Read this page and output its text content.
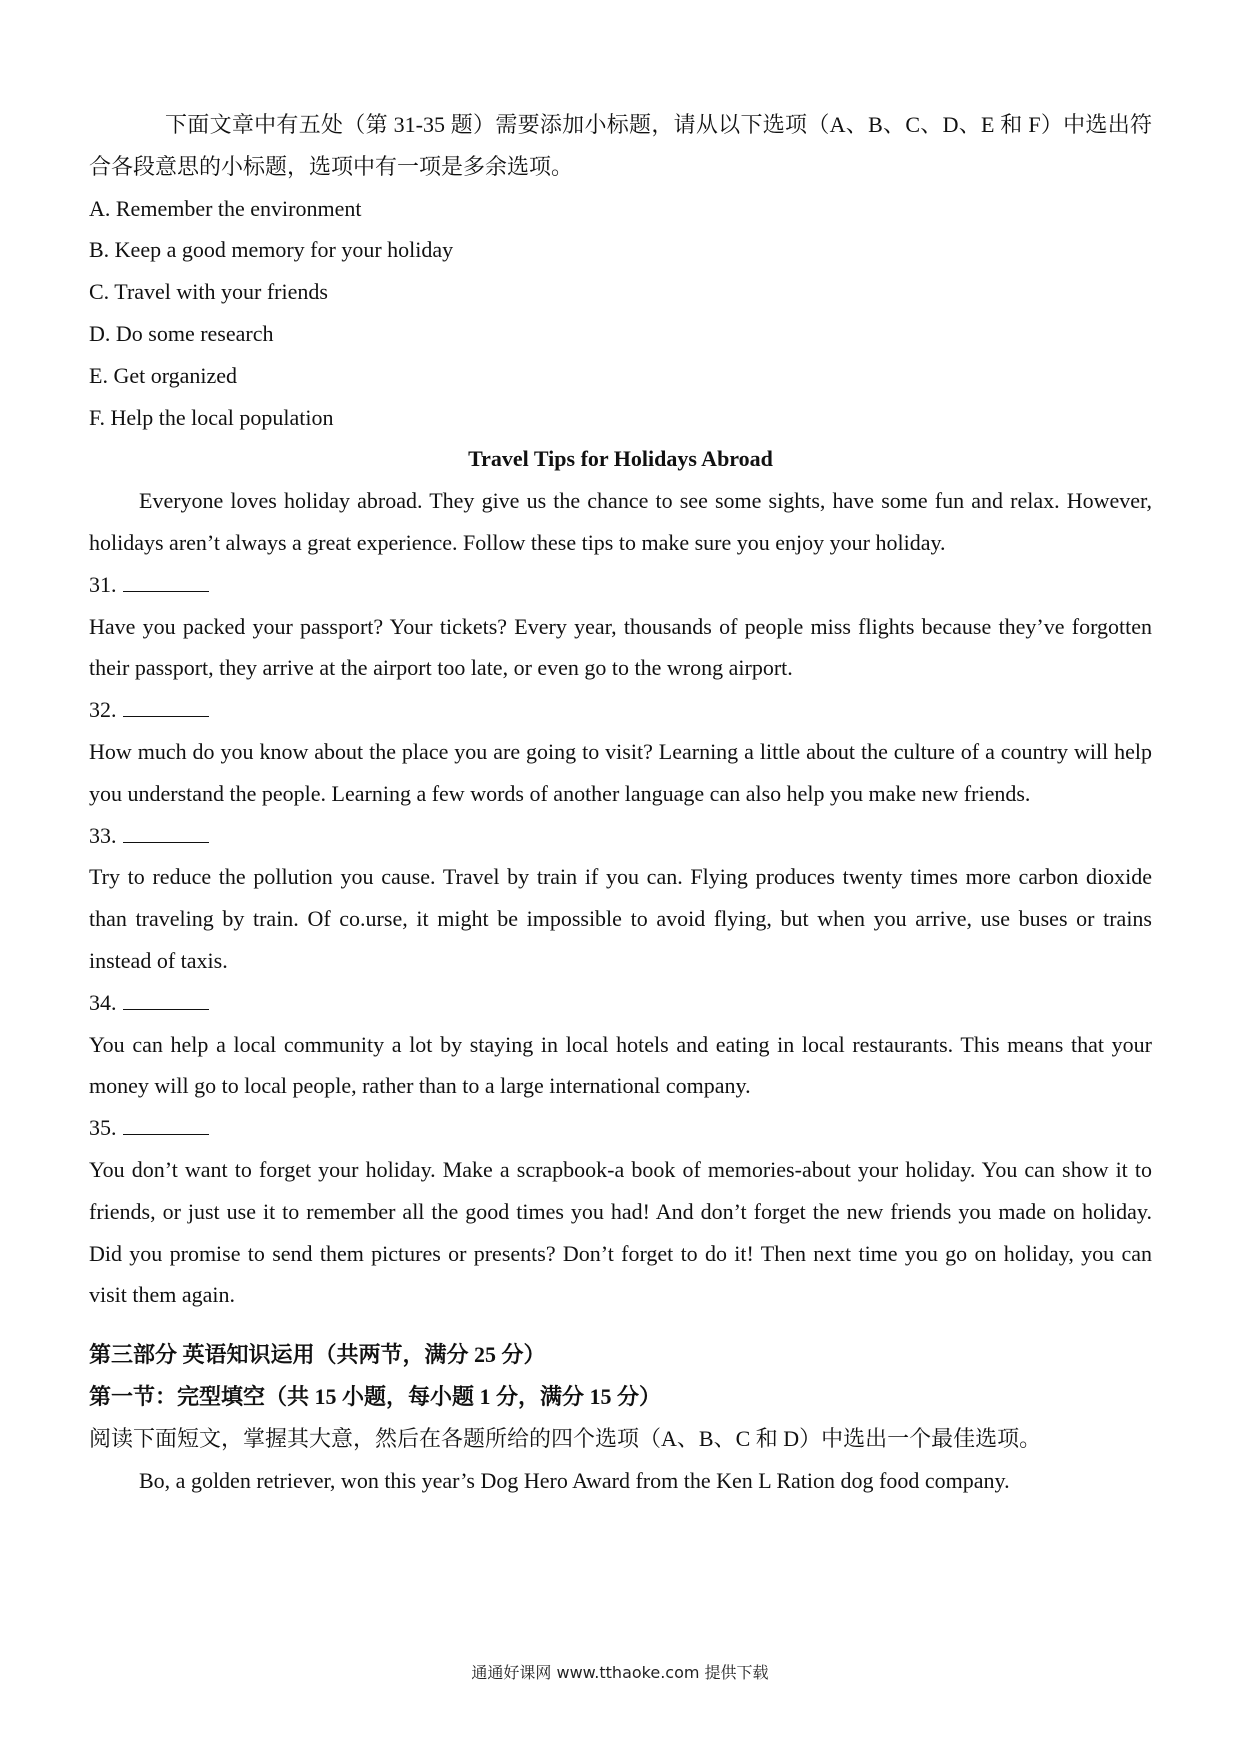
下面文章中有五处（第 31-35 题）需要添加小标题，请从以下选项（A、B、C、D、E 和 F）中选出符合各段意思的小标题，选项中有一项是多余选项。

A. Remember the environment

B. Keep a good memory for your holiday

C. Travel with your friends

D. Do some research

E. Get organized

F. Help the local population

Travel Tips for Holidays Abroad

Everyone loves holiday abroad. They give us the chance to see some sights, have some fun and relax. However, holidays aren’t always a great experience. Follow these tips to make sure you enjoy your holiday.

31.

Have you packed your passport? Your tickets? Every year, thousands of people miss flights because they’ve forgotten their passport, they arrive at the airport too late, or even go to the wrong airport.

32.

How much do you know about the place you are going to visit? Learning a little about the culture of a country will help you understand the people. Learning a few words of another language can also help you make new friends.

33.

Try to reduce the pollution you cause. Travel by train if you can. Flying produces twenty times more carbon dioxide than traveling by train. Of co.urse, it might be impossible to avoid flying, but when you arrive, use buses or trains instead of taxis.

34.

You can help a local community a lot by staying in local hotels and eating in local restaurants. This means that your money will go to local people, rather than to a large international company.

35.

You don’t want to forget your holiday. Make a scrapbook-a book of memories-about your holiday. You can show it to friends, or just use it to remember all the good times you had! And don’t forget the new friends you made on holiday. Did you promise to send them pictures or presents? Don’t forget to do it! Then next time you go on holiday, you can visit them again.

第三部分 英语知识运用（共两节，满分 25 分）

第一节：完型填空（共 15 小题，每小题 1 分，满分 15 分）

阅读下面短文，掌握其大意，然后在各题所给的四个选项（A、B、C 和 D）中选出一个最佳选项。

Bo, a golden retriever, won this year’s Dog Hero Award from the Ken L Ration dog food company.

通通好课网 www.tthaoke.com 提供下载
